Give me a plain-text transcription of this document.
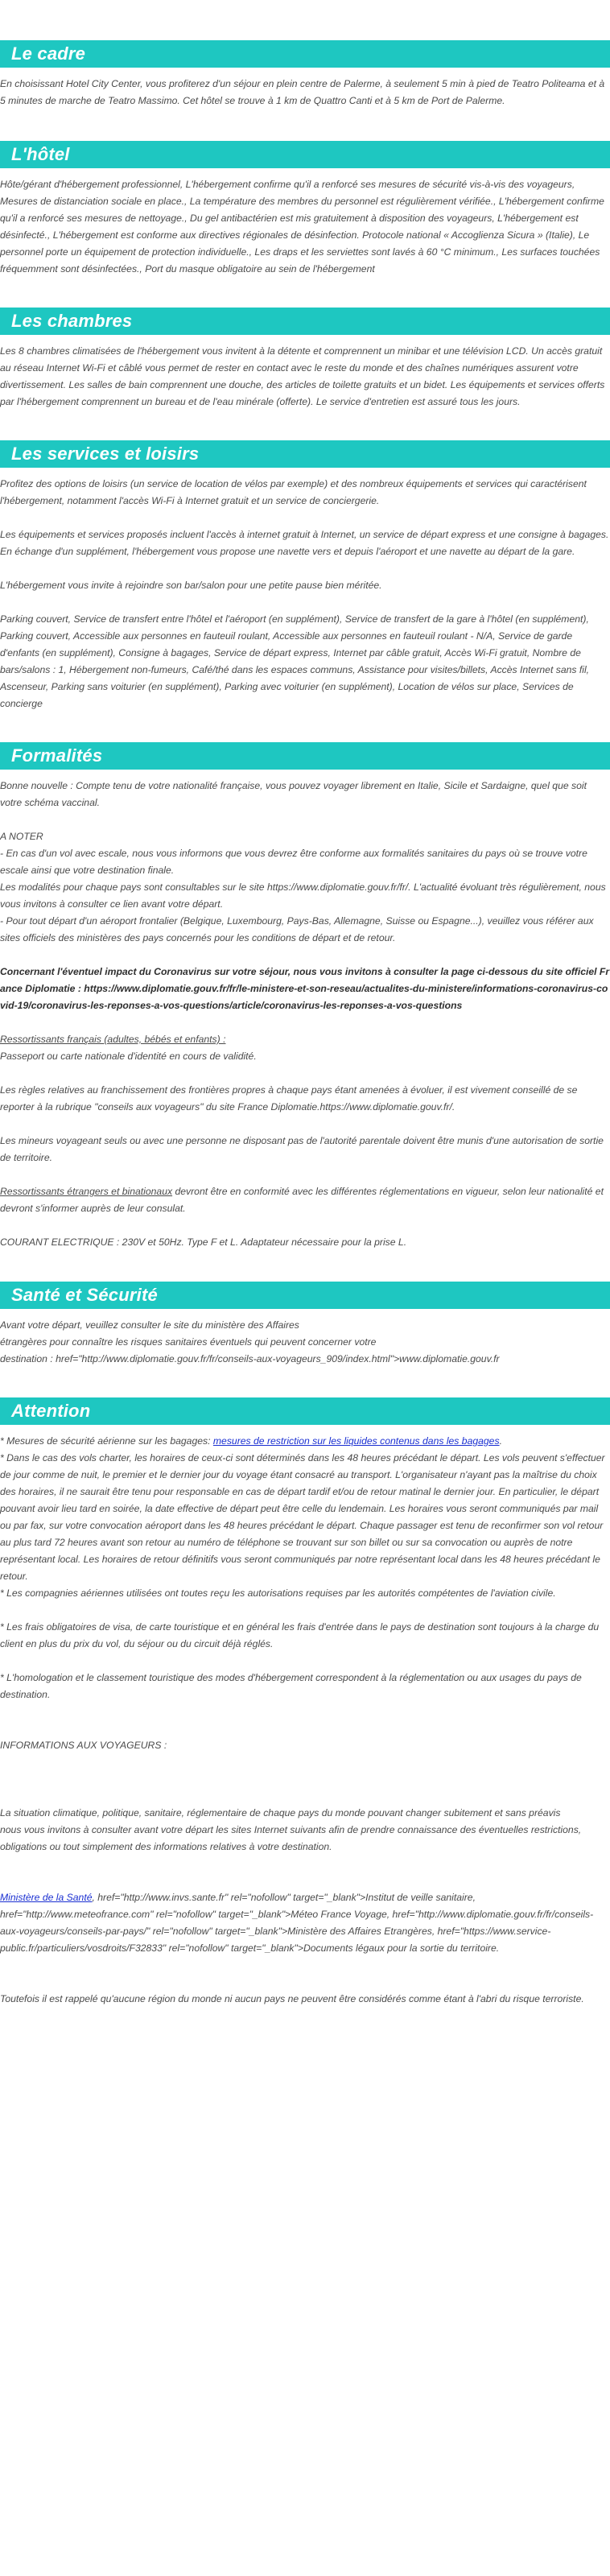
Le cadre

En choisissant Hotel City Center, vous profiterez d'un séjour en plein centre de Palerme, à seulement 5 min à pied de Teatro Politeama et à 5 minutes de marche de Teatro Massimo. Cet hôtel se trouve à 1 km de Quattro Canti et à 5 km de Port de Palerme.

L'hôtel

Hôte/gérant d'hébergement professionnel, L'hébergement confirme qu'il a renforcé ses mesures de sécurité vis-à-vis des voyageurs, Mesures de distanciation sociale en place., La température des membres du personnel est régulièrement vérifiée., L'hébergement confirme qu'il a renforcé ses mesures de nettoyage., Du gel antibactérien est mis gratuitement à disposition des voyageurs, L'hébergement est désinfecté., L'hébergement est conforme aux directives régionales de désinfection. Protocole national « Accoglienza Sicura » (Italie), Le personnel porte un équipement de protection individuelle., Les draps et les serviettes sont lavés à 60 °C minimum., Les surfaces touchées fréquemment sont désinfectées., Port du masque obligatoire au sein de l'hébergement

Les chambres

Les 8 chambres climatisées de l'hébergement vous invitent à la détente et comprennent un minibar et une télévision LCD. Un accès gratuit au réseau Internet Wi-Fi et câblé vous permet de rester en contact avec le reste du monde et des chaînes numériques assurent votre divertissement. Les salles de bain comprennent une douche, des articles de toilette gratuits et un bidet. Les équipements et services offerts par l'hébergement comprennent un bureau et de l'eau minérale (offerte). Le service d'entretien est assuré tous les jours.

Les services et loisirs

Profitez des options de loisirs (un service de location de vélos par exemple) et des nombreux équipements et services qui caractérisent l'hébergement, notamment l'accès Wi-Fi à Internet gratuit et un service de conciergerie.

Les équipements et services proposés incluent l'accès à internet gratuit à Internet, un service de départ express et une consigne à bagages. En échange d'un supplément, l'hébergement vous propose une navette vers et depuis l'aéroport et une navette au départ de la gare.

L'hébergement vous invite à rejoindre son bar/salon pour une petite pause bien méritée.

Parking couvert, Service de transfert entre l'hôtel et l'aéroport (en supplément), Service de transfert de la gare à l'hôtel (en supplément), Parking couvert, Accessible aux personnes en fauteuil roulant, Accessible aux personnes en fauteuil roulant - N/A, Service de garde d'enfants (en supplément), Consigne à bagages, Service de départ express, Internet par câble gratuit, Accès Wi-Fi gratuit, Nombre de bars/salons : 1, Hébergement non-fumeurs, Café/thé dans les espaces communs, Assistance pour visites/billets, Accès Internet sans fil, Ascenseur, Parking sans voiturier (en supplément), Parking avec voiturier (en supplément), Location de vélos sur place, Services de concierge

Formalités

Bonne nouvelle : Compte tenu de votre nationalité française, vous pouvez voyager librement en Italie, Sicile et Sardaigne, quel que soit votre schéma vaccinal.

A NOTER

- En cas d'un vol avec escale, nous vous informons que vous devrez être conforme aux formalités sanitaires du pays où se trouve votre escale ainsi que votre destination finale.

Les modalités pour chaque pays sont consultables sur le site https://www.diplomatie.gouv.fr/fr/. L'actualité évoluant très régulièrement, nous vous invitons à consulter ce lien avant votre départ.

- Pour tout départ d'un aéroport frontalier (Belgique, Luxembourg, Pays-Bas, Allemagne, Suisse ou Espagne...), veuillez vous référer aux sites officiels des ministères des pays concernés pour les conditions de départ et de retour.

Concernant l'éventuel impact du Coronavirus sur votre séjour, nous vous invitons à consulter la page ci-dessous du site officiel France Diplomatie : https://www.diplomatie.gouv.fr/fr/le-ministere-et-son-reseau/actualites-du-ministere/informations-coronavirus-covid-19/coronavirus-les-reponses-a-vos-questions/article/coronavirus-les-reponses-a-vos-questions

Ressortissants français (adultes, bébés et enfants) :

Passeport ou carte nationale d'identité en cours de validité.

Les règles relatives au franchissement des frontières propres à chaque pays étant amenées à évoluer, il est vivement conseillé de se reporter à la rubrique "conseils aux voyageurs" du site France Diplomatie.https://www.diplomatie.gouv.fr/.

Les mineurs voyageant seuls ou avec une personne ne disposant pas de l'autorité parentale doivent être munis d'une autorisation de sortie de territoire.

Ressortissants étrangers et binationaux devront être en conformité avec les différentes réglementations en vigueur, selon leur nationalité et devront s'informer auprès de leur consulat.

COURANT ELECTRIQUE : 230V et 50Hz. Type F et L. Adaptateur nécessaire pour la prise L.

Santé et Sécurité

Avant votre départ, veuillez consulter le site du ministère des Affaires

étrangères pour connaître les risques sanitaires éventuels qui peuvent concerner votre

destination : href="http://www.diplomatie.gouv.fr/fr/conseils-aux-voyageurs_909/index.html">www.diplomatie.gouv.fr

Attention

* Mesures de sécurité aérienne sur les bagages: mesures de restriction sur les liquides contenus dans les bagages.

* Dans le cas des vols charter, les horaires de ceux-ci sont déterminés dans les 48 heures précédant le départ. Les vols peuvent s'effectuer de jour comme de nuit, le premier et le dernier jour du voyage étant consacré au transport. L'organisateur n'ayant pas la maîtrise du choix des horaires, il ne saurait être tenu pour responsable en cas de départ tardif et/ou de retour matinal le dernier jour. En particulier, le départ pouvant avoir lieu tard en soirée, la date effective de départ peut être celle du lendemain. Les horaires vous seront communiqués par mail ou par fax, sur votre convocation aéroport dans les 48 heures précédant le départ. Chaque passager est tenu de reconfirmer son vol retour au plus tard 72 heures avant son retour au numéro de téléphone se trouvant sur son billet ou sur sa convocation ou auprès de notre représentant local. Les horaires de retour définitifs vous seront communiqués par notre représentant local dans les 48 heures précédant le retour.

* Les compagnies aériennes utilisées ont toutes reçu les autorisations requises par les autorités compétentes de l'aviation civile.

* Les frais obligatoires de visa, de carte touristique et en général les frais d'entrée dans le pays de destination sont toujours à la charge du client en plus du prix du vol, du séjour ou du circuit déjà réglés.

* L'homologation et le classement touristique des modes d'hébergement correspondent à la réglementation ou aux usages du pays de destination.

INFORMATIONS AUX VOYAGEURS :

La situation climatique, politique, sanitaire, réglementaire de chaque pays du monde pouvant changer subitement et sans préavis

nous vous invitons à consulter avant votre départ les sites Internet suivants afin de prendre connaissance des éventuelles restrictions, obligations ou tout simplement des informations relatives à votre destination.

Ministère de la Santé, href="http://www.invs.sante.fr" rel="nofollow" target="_blank">Institut de veille sanitaire, href="http://www.meteofrance.com" rel="nofollow" target="_blank">Méteo France Voyage, href="http://www.diplomatie.gouv.fr/fr/conseils-aux-voyageurs/conseils-par-pays/" rel="nofollow" target="_blank">Ministère des Affaires Etrangères, href="https://www.service-public.fr/particuliers/vosdroits/F32833" rel="nofollow" target="_blank">Documents légaux pour la sortie du territoire.

Toutefois il est rappelé qu'aucune région du monde ni aucun pays ne peuvent être considérés comme étant à l'abri du risque terroriste.
